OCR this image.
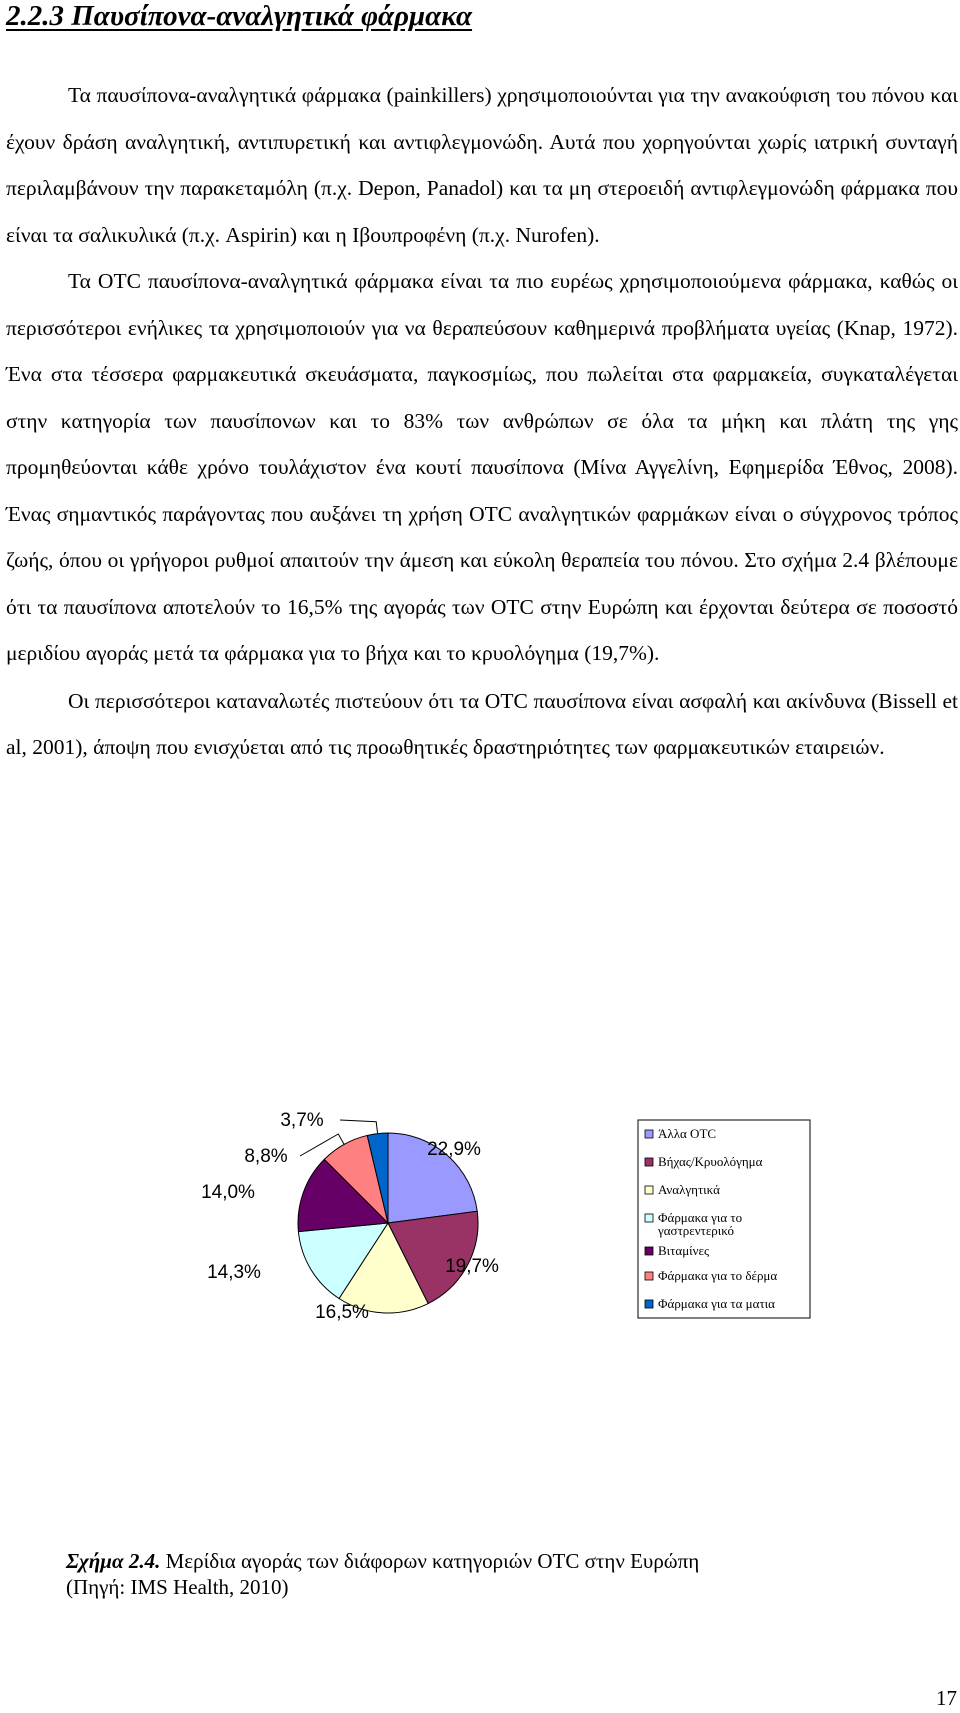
2.2.3 Παυσίπονα-αναλγητικά φάρμακα

Τα παυσίπονα-αναλγητικά φάρμακα (painkillers) χρησιμοποιούνται για την ανακούφιση του πόνου και έχουν δράση αναλγητική, αντιπυρετική και αντιφλεγμονώδη. Αυτά που χορηγούνται χωρίς ιατρική συνταγή περιλαμβάνουν την παρακεταμόλη (π.χ. Depon, Panadol) και τα μη στεροειδή αντιφλεγμονώδη φάρμακα που είναι τα σαλικυλικά (π.χ. Aspirin) και η Ιβουπροφένη (π.χ. Nurofen).

Τα OTC παυσίπονα-αναλγητικά φάρμακα είναι τα πιο ευρέως χρησιμοποιούμενα φάρμακα, καθώς οι περισσότεροι ενήλικες τα χρησιμοποιούν για να θεραπεύσουν καθημερινά προβλήματα υγείας (Knap, 1972). Ένα στα τέσσερα φαρμακευτικά σκευάσματα, παγκοσμίως, που πωλείται στα φαρμακεία, συγκαταλέγεται στην κατηγορία των παυσίπονων και το 83% των ανθρώπων σε όλα τα μήκη και πλάτη της γης προμηθεύονται κάθε χρόνο τουλάχιστον ένα κουτί παυσίπονα (Μίνα Αγγελίνη, Εφημερίδα Έθνος, 2008). Ένας σημαντικός παράγοντας που αυξάνει τη χρήση OTC αναλγητικών φαρμάκων είναι ο σύγχρονος τρόπος ζωής, όπου οι γρήγοροι ρυθμοί απαιτούν την άμεση και εύκολη θεραπεία του πόνου. Στο σχήμα 2.4 βλέπουμε ότι τα παυσίπονα αποτελούν το 16,5% της αγοράς των OTC στην Ευρώπη και έρχονται δεύτερα σε ποσοστό μεριδίου αγοράς μετά τα φάρμακα για το βήχα και το κρυολόγημα (19,7%).

Οι περισσότεροι καταναλωτές πιστεύουν ότι τα OTC παυσίπονα είναι ασφαλή και ακίνδυνα (Bissell et al, 2001), άποψη που ενισχύεται από τις προωθητικές δραστηριότητες των φαρμακευτικών εταιρειών.

22,9%
19,7%
16,5%
14,3%
14,0%
8,8%
3,7%
Άλλα OTC
Βήχας/Κρυολόγημα
Αναλγητικά
Φάρμακα για το
γαστρεντερικό
Βιταμίνες
Φάρμακα για το δέρμα
Φάρμακα για τα ματια
Σχήμα 2.4. Μερίδια αγοράς των διάφορων κατηγοριών OTC στην Ευρώπη
(Πηγή: IMS Health, 2010)
17
